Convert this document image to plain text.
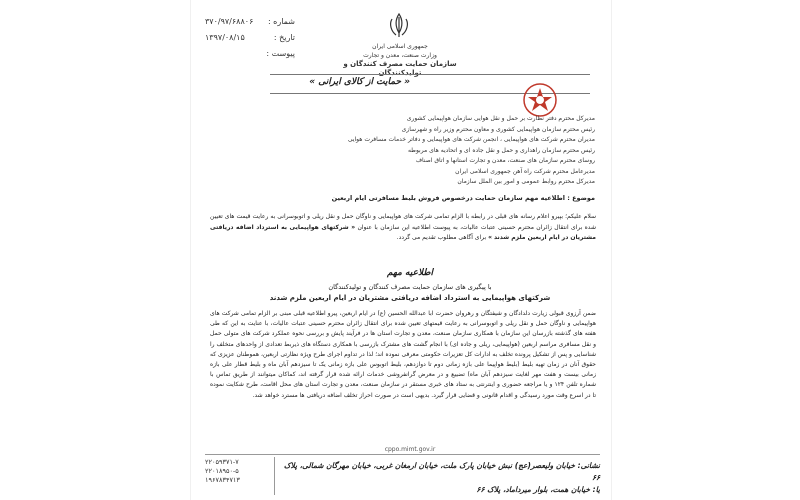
شماره :
۳۷۰/۹۷/۶۸۸۰۶
تاریخ :
۱۳۹۷/۰۸/۱۵
پیوست :
جمهوری اسلامی ایران
وزارت صنعت، معدن و تجارت
سازمان حمایت مصرف کنندگان و تولیدکنندگان
« حمایت از کالای ایرانی »
مدیرکل محترم دفتر نظارت بر حمل و نقل هوایی سازمان هواپیمایی کشوری
رئیس محترم سازمان هواپیمایی کشوری و معاون محترم وزیر راه و شهرسازی
مدیران محترم شرکت های هواپیمایی ، انجمن شرکت های هواپیمایی و دفاتر خدمات مسافرت هوایی
رئیس محترم سازمان راهداری و حمل و نقل جاده ای و اتحادیه های مربوطه
روسای محترم سازمان های صنعت، معدن و تجارت استانها و اتاق اصناف
مدیرعامل محترم شرکت راه آهن جمهوری اسلامی ایران
مدیرکل محترم روابط عمومی و امور بین الملل سازمان
موضوع : اطلاعیه مهم سازمان حمایت درخصوص فروش بلیط مسافرتی ایام اربعین
سلام علیکم؛ بپیرو اعلام رسانه های قبلی در رابطه با الزام تمامی شرکت های هواپیمایی و ناوگان حمل و نقل ریلی و اتوبوسرانی به رعایت قیمت های تعیین شده برای انتقال زائران محترم حسینی عتبات عالیات، به پیوست اطلاعیه این سازمان با عنوان « شرکتهای هواپیمایی به استرداد اضافه دریافتی مشتریان در ایام اربعین ملزم شدند » برای آگاهی مطلوب تقدیم می گردد.
اطلاعیه مهم
با پیگیری های سازمان حمایت مصرف کنندگان و تولیدکنندگان
شرکتهای هواپیمایی به استرداد اضافه دریافتی مشتریان در ایام اربعین ملزم شدند
ضمن آرزوی قبولی زیارت دلدادگان و شیفتگان و رهروان حضرت ابا عبدالله الحسین (ع) در ایام اربعین، پیرو اطلاعیه قبلی مبنی بر الزام تمامی شرکت های هواپیمایی و ناوگان حمل و نقل ریلی و اتوبوسرانی به رعایت قیمتهای تعیین شده برای انتقال زائران محترم حسینی عتبات عالیات، با عنایت به این که طی هفته های گذشته بازرسان این سازمان با همکاری سازمان صنعت، معدن و تجارت استان ها در فرآیند پایش و بررسی نحوه عملکرد شرکت های متولی حمل و نقل مسافری مراسم اربعین (هواپیمایی، ریلی و جاده ای) با انجام گشت های مشترک بازرسی با همکاری دستگاه های ذیربط تعدادی از واحدهای متخلف را شناسایی و پس از تشکیل پرونده تخلف به ادارات کل تعزیرات حکومتی معرفی نموده اند؛ لذا در تداوم اجرای طرح ویژه نظارتی اربعین، هموطنان عزیزی که حقوق آنان در زمان تهیه بلیط (بلیط هواپیما علی بازه زمانی دوم تا دوازدهم، بلیط اتوبوس علی بازه زمانی یک تا سیزدهم آبان ماه و بلیط قطار علی بازه زمانی بیست و هفت مهر لغایت سیزدهم آبان ماه) تضییع و در معرض گرانفروشی خدمات ارائه شده قرار گرفته اند، کماکان میتوانند از طریق تماس با شماره تلفن ۱۲۴ و یا مراجعه حضوری و اینترنتی به ستاد های خبری مستقر در سازمان صنعت، معدن و تجارت استان های محل اقامت، طرح شکایت نموده تا در اسرع وقت مورد رسیدگی و اقدام قانونی و قضایی قرار گیرد. بدیهی است در صورت احراز تخلف اضافه دریافتی ها مسترد خواهد شد.
cppo.mimt.gov.ir
۲۲۰۵۹۳۷۱-۷
۲۲۰۱۸۹۵۰-۵
۱۹۶۷۸۳۴۷۱۳
نشانی: خیابان ولیعصر(عج) نبش خیابان پارک ملت، خیابان ارمغان غربی، خیابان مهرگان شمالی، پلاک ۶۶
یا: خیابان همت، بلوار میرداماد، پلاک ۶۶
